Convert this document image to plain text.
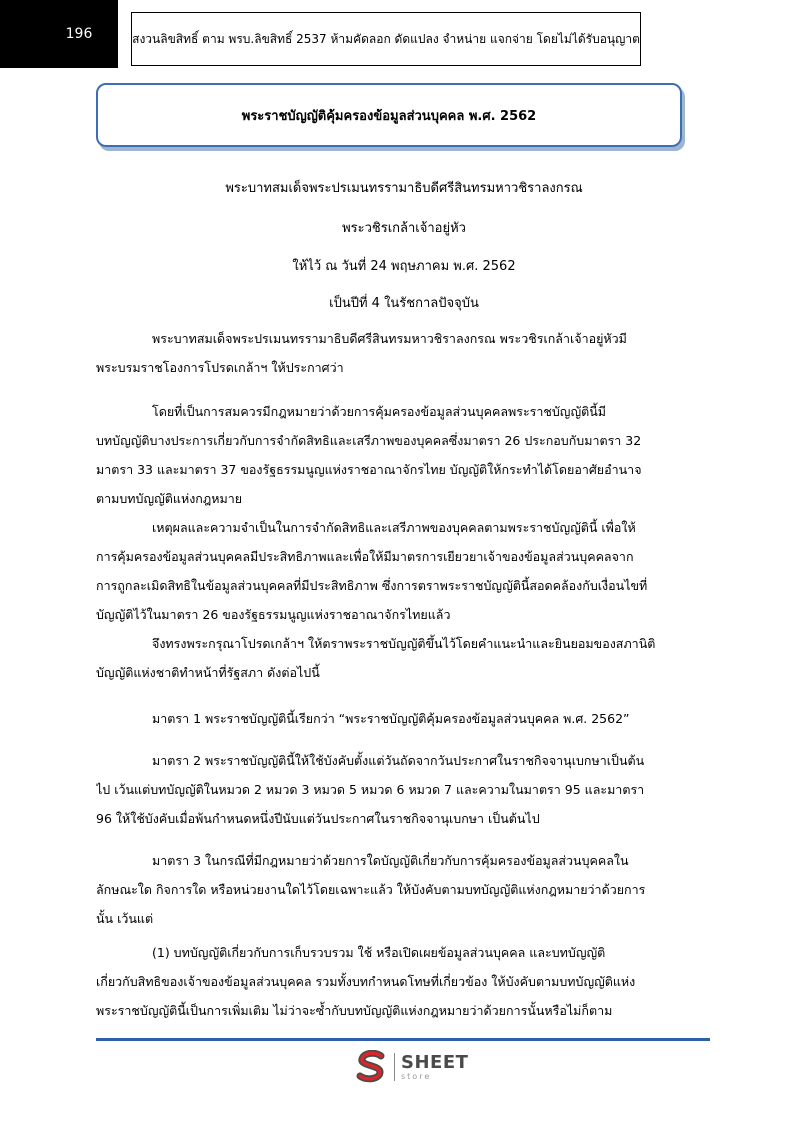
196	สงวนลิขสิทธิ์ ตาม พรบ.ลิขสิทธิ์ 2537 ห้ามคัดลอก ดัดแปลง จำหน่าย แจกจ่าย โดยไม่ได้รับอนุญาต
พระราชบัญญัติคุ้มครองข้อมูลส่วนบุคคล พ.ศ. 2562
พระบาทสมเด็จพระปรเมนทรรามาธิบดีศรีสินทรมหาวชิราลงกรณ
พระวชิรเกล้าเจ้าอยู่หัว
ให้ไว้ ณ วันที่ 24 พฤษภาคม พ.ศ. 2562
เป็นปีที่ 4 ในรัชกาลปัจจุบัน
พระบาทสมเด็จพระปรเมนทรรามาธิบดีศรีสินทรมหาวชิราลงกรณ พระวชิรเกล้าเจ้าอยู่หัวมี
พระบรมราชโองการโปรดเกล้าฯ ให้ประกาศว่า
โดยที่เป็นการสมควรมีกฎหมายว่าด้วยการคุ้มครองข้อมูลส่วนบุคคลพระราชบัญญัตินี้มี
บทบัญญัติบางประการเกี่ยวกับการจำกัดสิทธิและเสรีภาพของบุคคลซึ่งมาตรา 26 ประกอบกับมาตรา 32
มาตรา 33 และมาตรา 37 ของรัฐธรรมนูญแห่งราชอาณาจักรไทย บัญญัติให้กระทำได้โดยอาศัยอำนาจ
ตามบทบัญญัติแห่งกฎหมาย
เหตุผลและความจำเป็นในการจำกัดสิทธิและเสรีภาพของบุคคลตามพระราชบัญญัตินี้ เพื่อให้
การคุ้มครองข้อมูลส่วนบุคคลมีประสิทธิภาพและเพื่อให้มีมาตรการเยียวยาเจ้าของข้อมูลส่วนบุคคลจาก
การถูกละเมิดสิทธิในข้อมูลส่วนบุคคลที่มีประสิทธิภาพ ซึ่งการตราพระราชบัญญัตินี้สอดคล้องกับเงื่อนไขที่
บัญญัติไว้ในมาตรา 26 ของรัฐธรรมนูญแห่งราชอาณาจักรไทยแล้ว
จึงทรงพระกรุณาโปรดเกล้าฯ ให้ตราพระราชบัญญัติขึ้นไว้โดยคำแนะนำและยินยอมของสภานิติ
บัญญัติแห่งชาติทำหน้าที่รัฐสภา ดังต่อไปนี้
มาตรา 1 พระราชบัญญัตินี้เรียกว่า “พระราชบัญญัติคุ้มครองข้อมูลส่วนบุคคล พ.ศ. 2562”
มาตรา 2 พระราชบัญญัตินี้ให้ใช้บังคับตั้งแต่วันถัดจากวันประกาศในราชกิจจานุเบกษาเป็นต้น
ไป เว้นแต่บทบัญญัติในหมวด 2 หมวด 3 หมวด 5 หมวด 6 หมวด 7 และความในมาตรา 95 และมาตรา
96 ให้ใช้บังคับเมื่อพ้นกำหนดหนึ่งปีนับแต่วันประกาศในราชกิจจานุเบกษา เป็นต้นไป
มาตรา 3 ในกรณีที่มีกฎหมายว่าด้วยการใดบัญญัติเกี่ยวกับการคุ้มครองข้อมูลส่วนบุคคลใน
ลักษณะใด กิจการใด หรือหน่วยงานใดไว้โดยเฉพาะแล้ว ให้บังคับตามบทบัญญัติแห่งกฎหมายว่าด้วยการ
นั้น เว้นแต่
(1) บทบัญญัติเกี่ยวกับการเก็บรวบรวม ใช้ หรือเปิดเผยข้อมูลส่วนบุคคล และบทบัญญัติ
เกี่ยวกับสิทธิของเจ้าของข้อมูลส่วนบุคคล รวมทั้งบทกำหนดโทษที่เกี่ยวข้อง ให้บังคับตามบทบัญญัติแห่ง
พระราชบัญญัตินี้เป็นการเพิ่มเติม ไม่ว่าจะซ้ำกับบทบัญญัติแห่งกฎหมายว่าด้วยการนั้นหรือไม่ก็ตาม
SHEET
store
